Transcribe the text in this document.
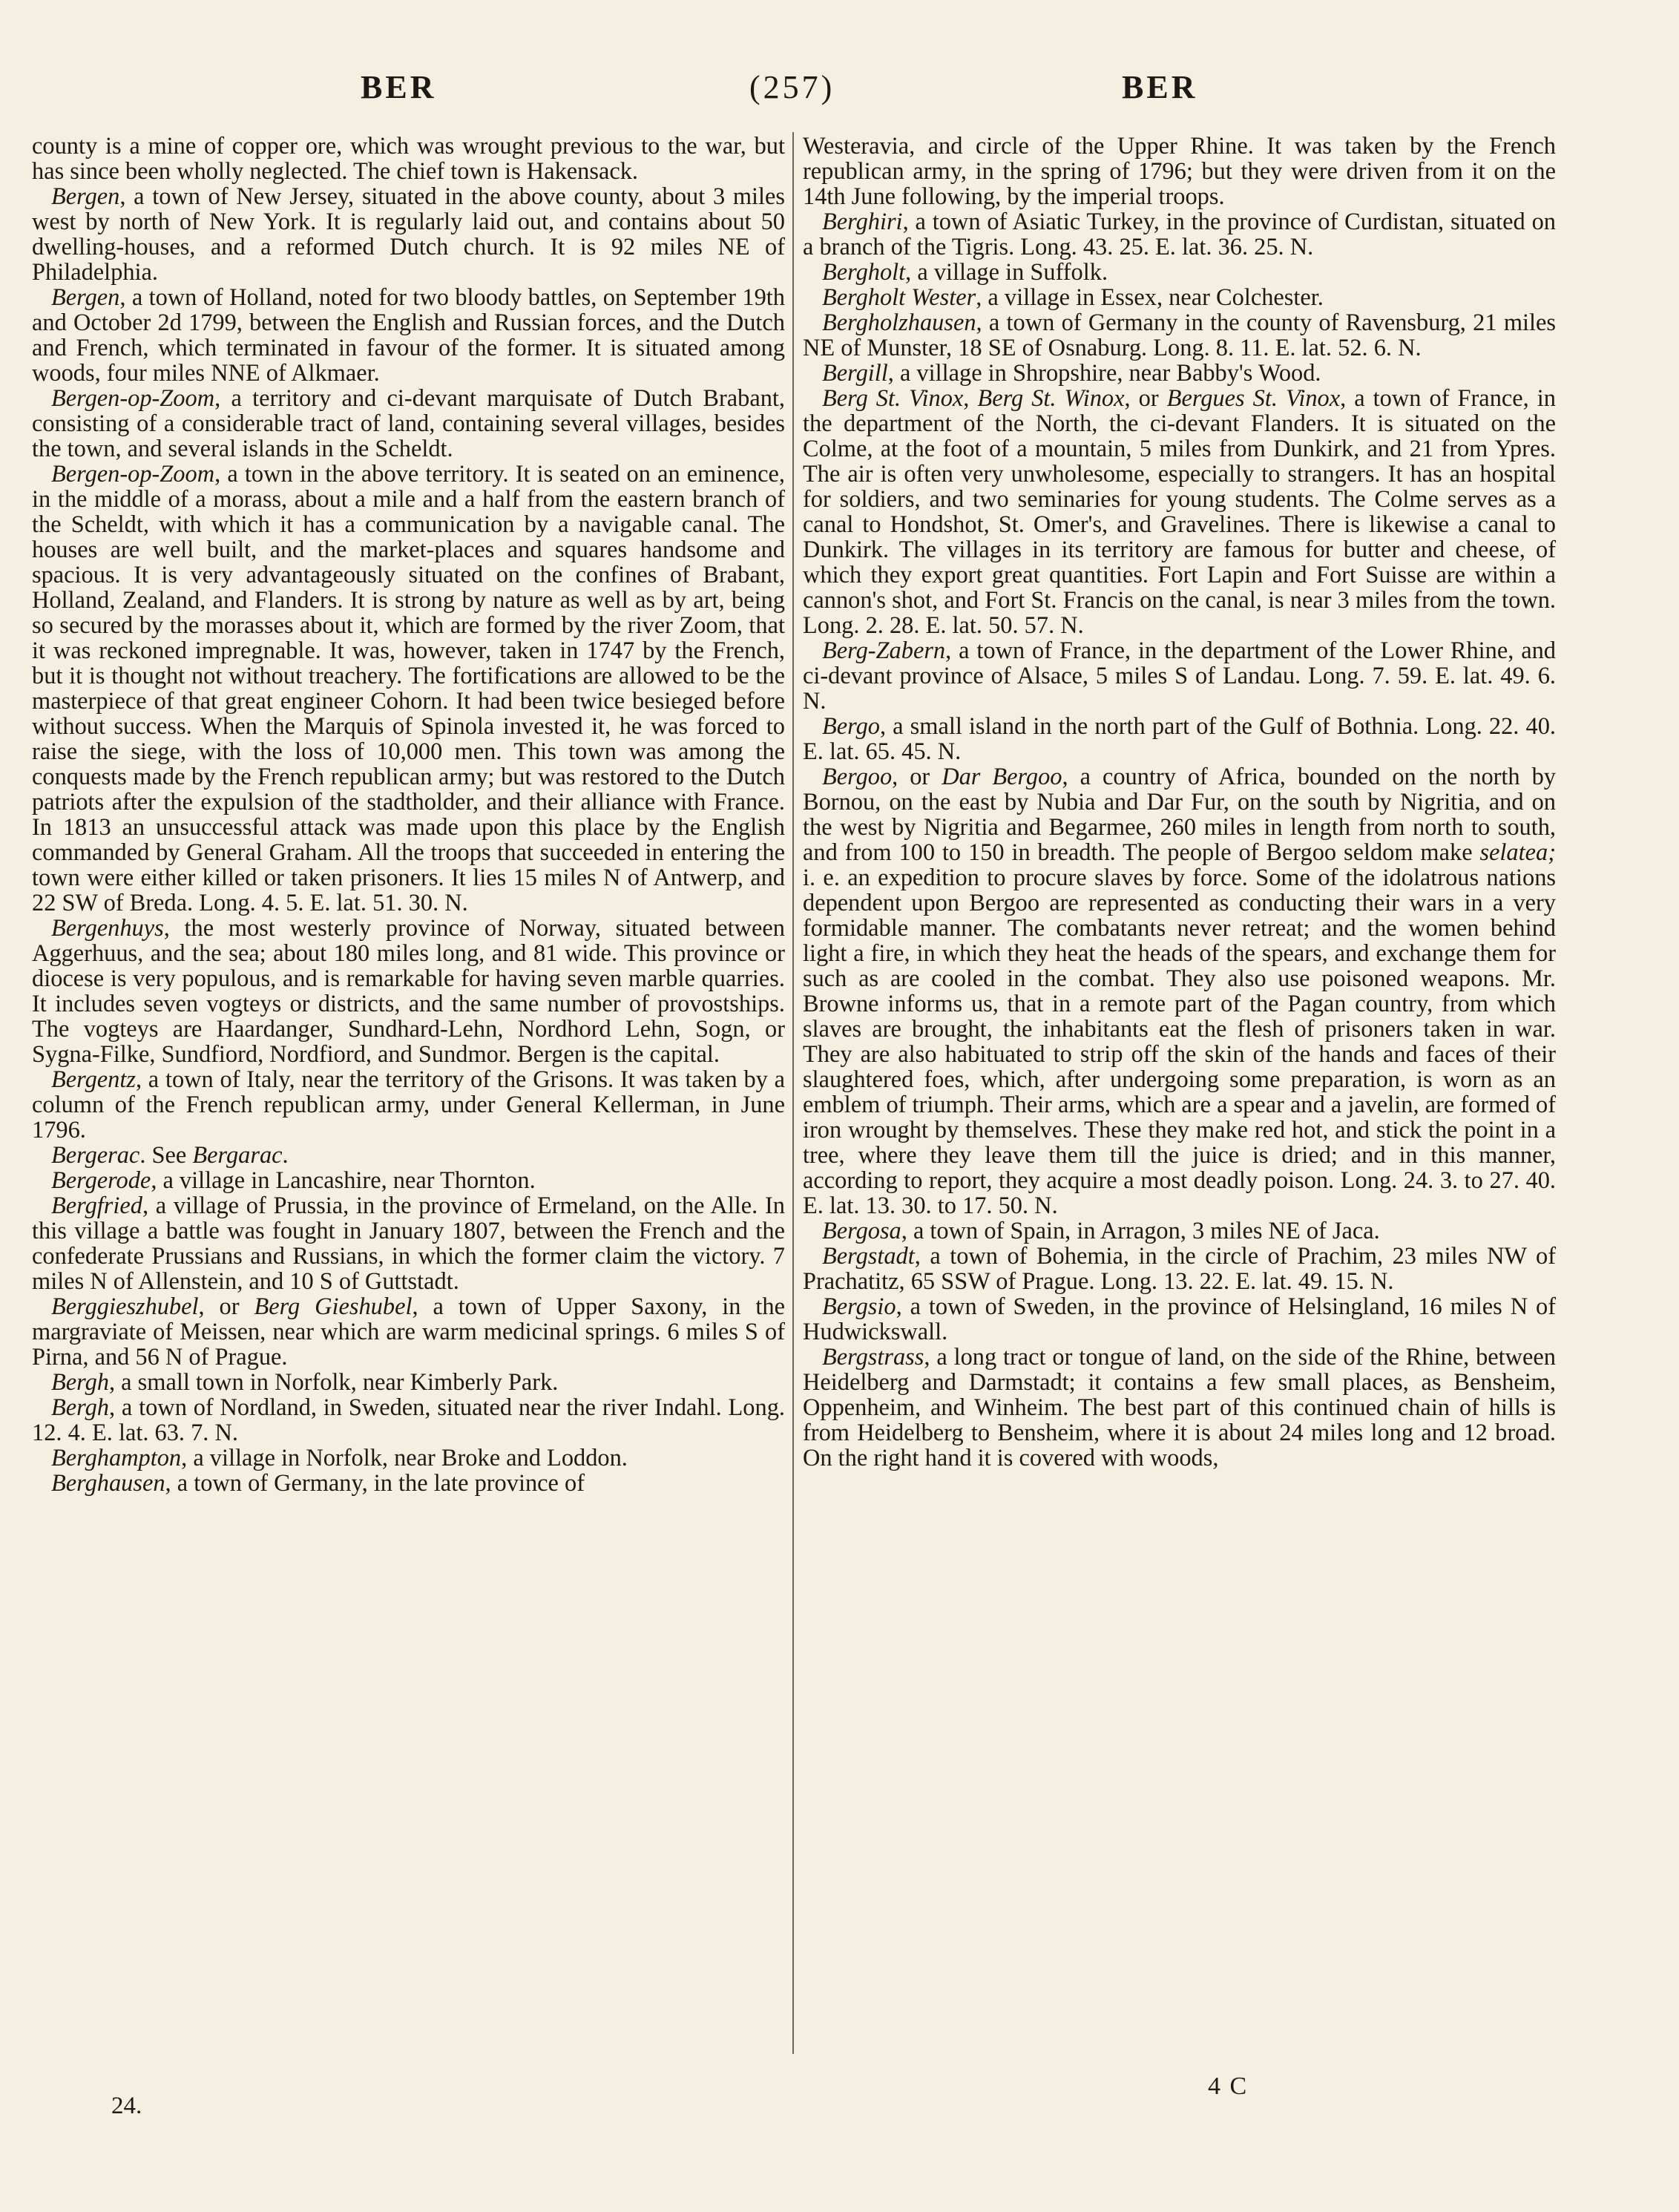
BER	(257)	BER

county is a mine of copper ore, which was wrought previous to the war, but has since been wholly neglected. The chief town is Hakensack.

Bergen, a town of New Jersey, situated in the above county, about 3 miles west by north of New York. It is regularly laid out, and contains about 50 dwelling-houses, and a reformed Dutch church. It is 92 miles NE of Philadelphia.

Bergen, a town of Holland, noted for two bloody battles, on September 19th and October 2d 1799, between the English and Russian forces, and the Dutch and French, which terminated in favour of the former. It is situated among woods, four miles NNE of Alkmaer.

Bergen-op-Zoom, a territory and ci-devant marquisate of Dutch Brabant, consisting of a considerable tract of land, containing several villages, besides the town, and several islands in the Scheldt.

Bergen-op-Zoom, a town in the above territory. It is seated on an eminence, in the middle of a morass, about a mile and a half from the eastern branch of the Scheldt, with which it has a communication by a navigable canal. The houses are well built, and the market-places and squares handsome and spacious. It is very advantageously situated on the confines of Brabant, Holland, Zealand, and Flanders. It is strong by nature as well as by art, being so secured by the morasses about it, which are formed by the river Zoom, that it was reckoned impregnable. It was, however, taken in 1747 by the French, but it is thought not without treachery. The fortifications are allowed to be the masterpiece of that great engineer Cohorn. It had been twice besieged before without success. When the Marquis of Spinola invested it, he was forced to raise the siege, with the loss of 10,000 men. This town was among the conquests made by the French republican army; but was restored to the Dutch patriots after the expulsion of the stadtholder, and their alliance with France. In 1813 an unsuccessful attack was made upon this place by the English commanded by General Graham. All the troops that succeeded in entering the town were either killed or taken prisoners. It lies 15 miles N of Antwerp, and 22 SW of Breda. Long. 4. 5. E. lat. 51. 30. N.

Bergenhuys, the most westerly province of Norway, situated between Aggerhuus, and the sea; about 180 miles long, and 81 wide. This province or diocese is very populous, and is remarkable for having seven marble quarries. It includes seven vogteys or districts, and the same number of provostships. The vogteys are Haardanger, Sundhard-Lehn, Nordhord Lehn, Sogn, or Sygna-Filke, Sundfiord, Nordfiord, and Sundmor. Bergen is the capital.

Bergentz, a town of Italy, near the territory of the Grisons. It was taken by a column of the French republican army, under General Kellerman, in June 1796.

Bergerac. See Bergarac.

Bergerode, a village in Lancashire, near Thornton.

Bergfried, a village of Prussia, in the province of Ermeland, on the Alle. In this village a battle was fought in January 1807, between the French and the confederate Prussians and Russians, in which the former claim the victory. 7 miles N of Allenstein, and 10 S of Guttstadt.

Berggieszhubel, or Berg Gieshubel, a town of Upper Saxony, in the margraviate of Meissen, near which are warm medicinal springs. 6 miles S of Pirna, and 56 N of Prague.

Bergh, a small town in Norfolk, near Kimberly Park.

Bergh, a town of Nordland, in Sweden, situated near the river Indahl. Long. 12. 4. E. lat. 63. 7. N.

Berghampton, a village in Norfolk, near Broke and Loddon.

Berghausen, a town of Germany, in the late province of

Westeravia, and circle of the Upper Rhine. It was taken by the French republican army, in the spring of 1796; but they were driven from it on the 14th June following, by the imperial troops.

Berghiri, a town of Asiatic Turkey, in the province of Curdistan, situated on a branch of the Tigris. Long. 43. 25. E. lat. 36. 25. N.

Bergholt, a village in Suffolk.

Bergholt Wester, a village in Essex, near Colchester.

Bergholzhausen, a town of Germany in the county of Ravensburg, 21 miles NE of Munster, 18 SE of Osnaburg. Long. 8. 11. E. lat. 52. 6. N.

Bergill, a village in Shropshire, near Babby's Wood.

Berg St. Vinox, Berg St. Winox, or Bergues St. Vinox, a town of France, in the department of the North, the ci-devant Flanders. It is situated on the Colme, at the foot of a mountain, 5 miles from Dunkirk, and 21 from Ypres. The air is often very unwholesome, especially to strangers. It has an hospital for soldiers, and two seminaries for young students. The Colme serves as a canal to Hondshot, St. Omer's, and Gravelines. There is likewise a canal to Dunkirk. The villages in its territory are famous for butter and cheese, of which they export great quantities. Fort Lapin and Fort Suisse are within a cannon's shot, and Fort St. Francis on the canal, is near 3 miles from the town. Long. 2. 28. E. lat. 50. 57. N.

Berg-Zabern, a town of France, in the department of the Lower Rhine, and ci-devant province of Alsace, 5 miles S of Landau. Long. 7. 59. E. lat. 49. 6. N.

Bergo, a small island in the north part of the Gulf of Bothnia. Long. 22. 40. E. lat. 65. 45. N.

Bergoo, or Dar Bergoo, a country of Africa, bounded on the north by Bornou, on the east by Nubia and Dar Fur, on the south by Nigritia, and on the west by Nigritia and Begarmee, 260 miles in length from north to south, and from 100 to 150 in breadth. The people of Bergoo seldom make selatea; i. e. an expedition to procure slaves by force. Some of the idolatrous nations dependent upon Bergoo are represented as conducting their wars in a very formidable manner. The combatants never retreat; and the women behind light a fire, in which they heat the heads of the spears, and exchange them for such as are cooled in the combat. They also use poisoned weapons. Mr. Browne informs us, that in a remote part of the Pagan country, from which slaves are brought, the inhabitants eat the flesh of prisoners taken in war. They are also habituated to strip off the skin of the hands and faces of their slaughtered foes, which, after undergoing some preparation, is worn as an emblem of triumph. Their arms, which are a spear and a javelin, are formed of iron wrought by themselves. These they make red hot, and stick the point in a tree, where they leave them till the juice is dried; and in this manner, according to report, they acquire a most deadly poison. Long. 24. 3. to 27. 40. E. lat. 13. 30. to 17. 50. N.

Bergosa, a town of Spain, in Arragon, 3 miles NE of Jaca.

Bergstadt, a town of Bohemia, in the circle of Prachim, 23 miles NW of Prachatitz, 65 SSW of Prague. Long. 13. 22. E. lat. 49. 15. N.

Bergsio, a town of Sweden, in the province of Helsingland, 16 miles N of Hudwickswall.

Bergstrass, a long tract or tongue of land, on the side of the Rhine, between Heidelberg and Darmstadt; it contains a few small places, as Bensheim, Oppenheim, and Winheim. The best part of this continued chain of hills is from Heidelberg to Bensheim, where it is about 24 miles long and 12 broad. On the right hand it is covered with woods,

24.
4 C
